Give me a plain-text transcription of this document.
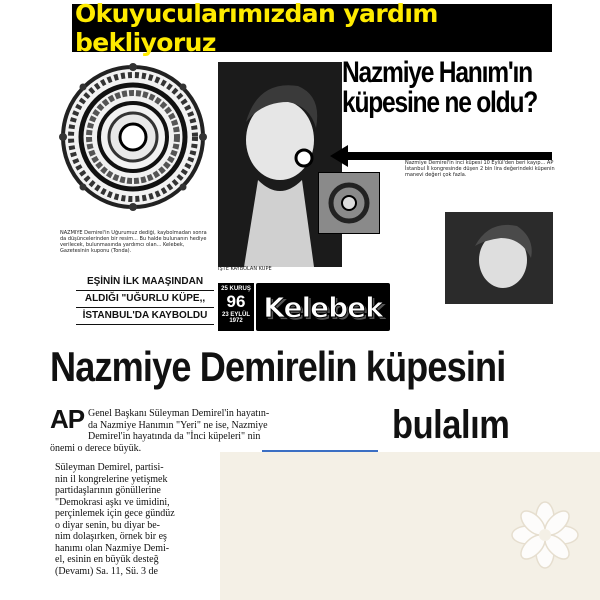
Okuyucularımızdan yardım bekliyoruz
NAZMIYE Demirel'in Uğurumuz dediği, kaybolmadan sonra da düşüncelerinden bir resim... Bu halde bulunanın hediye verilecek, bulunmasında yardımcı olan... Kelebek, Gazetesinin kuponu (Tonda).
EŞİNİN İLK MAAŞINDAN
ALDIĞI "UĞURLU KÜPE,,
İSTANBUL'DA KAYBOLDU
Nazmiye Hanım'ın
küpesine ne oldu?
Nazmiye Demirel'in inci küpesi 10 Eylül'den beri kayıp... AP İstanbul İl kongresinde düşen 2 bin lira değerindeki küpenin manevi değeri çok fazla.
İŞTE KAYBOLAN KÜPE
25 KURUŞ
96
23 EYLÜL 1972 Kelebek
Nazmiye Demirelin küpesini
bulalım
AP Genel Başkanı Süleyman Demirel'in hayatın-
da Nazmiye Hanımın "Yeri" ne ise, Nazmiye
Demirel'in hayatında da "İnci küpeleri" nin
önemi o derece büyük.
Süleyman Demirel, partisi-
nin il kongrelerine yetişmek
partidaşlarının gönüllerine
"Demokrasi aşkı ve ümidini,
perçinlemek için gece gündüz
o diyar senin, bu diyar be-
nim dolaşırken, örnek bir eş
hanımı olan Nazmiye Demi-
el, esinin en büyük desteğ
(Devamı) Sa. 11, Sü. 3 de
